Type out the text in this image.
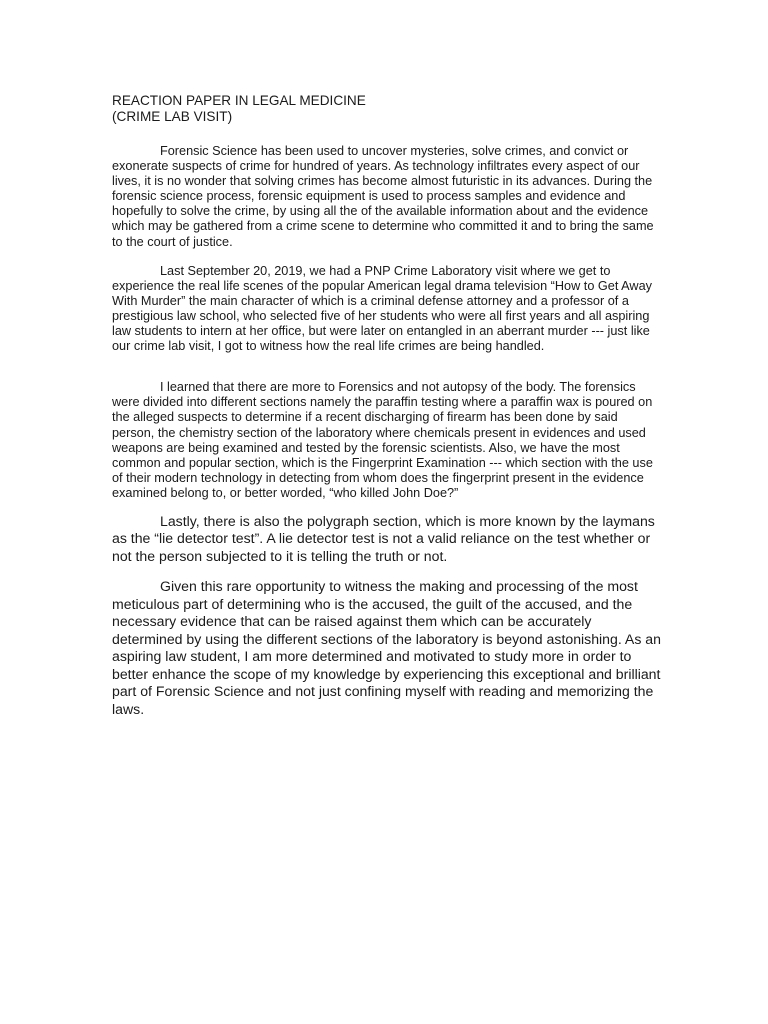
REACTION PAPER IN LEGAL MEDICINE
(CRIME LAB VISIT)

Forensic Science has been used to uncover mysteries, solve crimes, and convict or exonerate suspects of crime for hundred of years. As technology infiltrates every aspect of our lives, it is no wonder that solving crimes has become almost futuristic in its advances. During the forensic science process, forensic equipment is used to process samples and evidence and hopefully to solve the crime, by using all the of the available information about and the evidence which may be gathered from a crime scene to determine who committed it and to bring the same to the court of justice.

Last September 20, 2019, we had a PNP Crime Laboratory visit where we get to experience the real life scenes of the popular American legal drama television “How to Get Away With Murder” the main character of which is a criminal defense attorney and a professor of a prestigious law school, who selected five of her students who were all first years and all aspiring law students to intern at her office, but were later on entangled in an aberrant murder --- just like our crime lab visit, I got to witness how the real life crimes are being handled.

I learned that there are more to Forensics and not autopsy of the body. The forensics were divided into different sections namely the paraffin testing where a paraffin wax is poured on the alleged suspects to determine if a recent discharging of firearm has been done by said person, the chemistry section of the laboratory where chemicals present in evidences and used weapons are being examined and tested by the forensic scientists. Also, we have the most common and popular section, which is the Fingerprint Examination --- which section with the use of their modern technology in detecting from whom does the fingerprint present in the evidence examined belong to, or better worded, “who killed John Doe?”

Lastly, there is also the polygraph section, which is more known by the laymans as the “lie detector test”. A lie detector test is not a valid reliance on the test whether or not the person subjected to it is telling the truth or not.

Given this rare opportunity to witness the making and processing of the most meticulous part of determining who is the accused, the guilt of the accused, and the necessary evidence that can be raised against them which can be accurately determined by using the different sections of the laboratory is beyond astonishing. As an aspiring law student, I am more determined and motivated to study more in order to better enhance the scope of my knowledge by experiencing this exceptional and brilliant part of Forensic Science and not just confining myself with reading and memorizing the laws.
